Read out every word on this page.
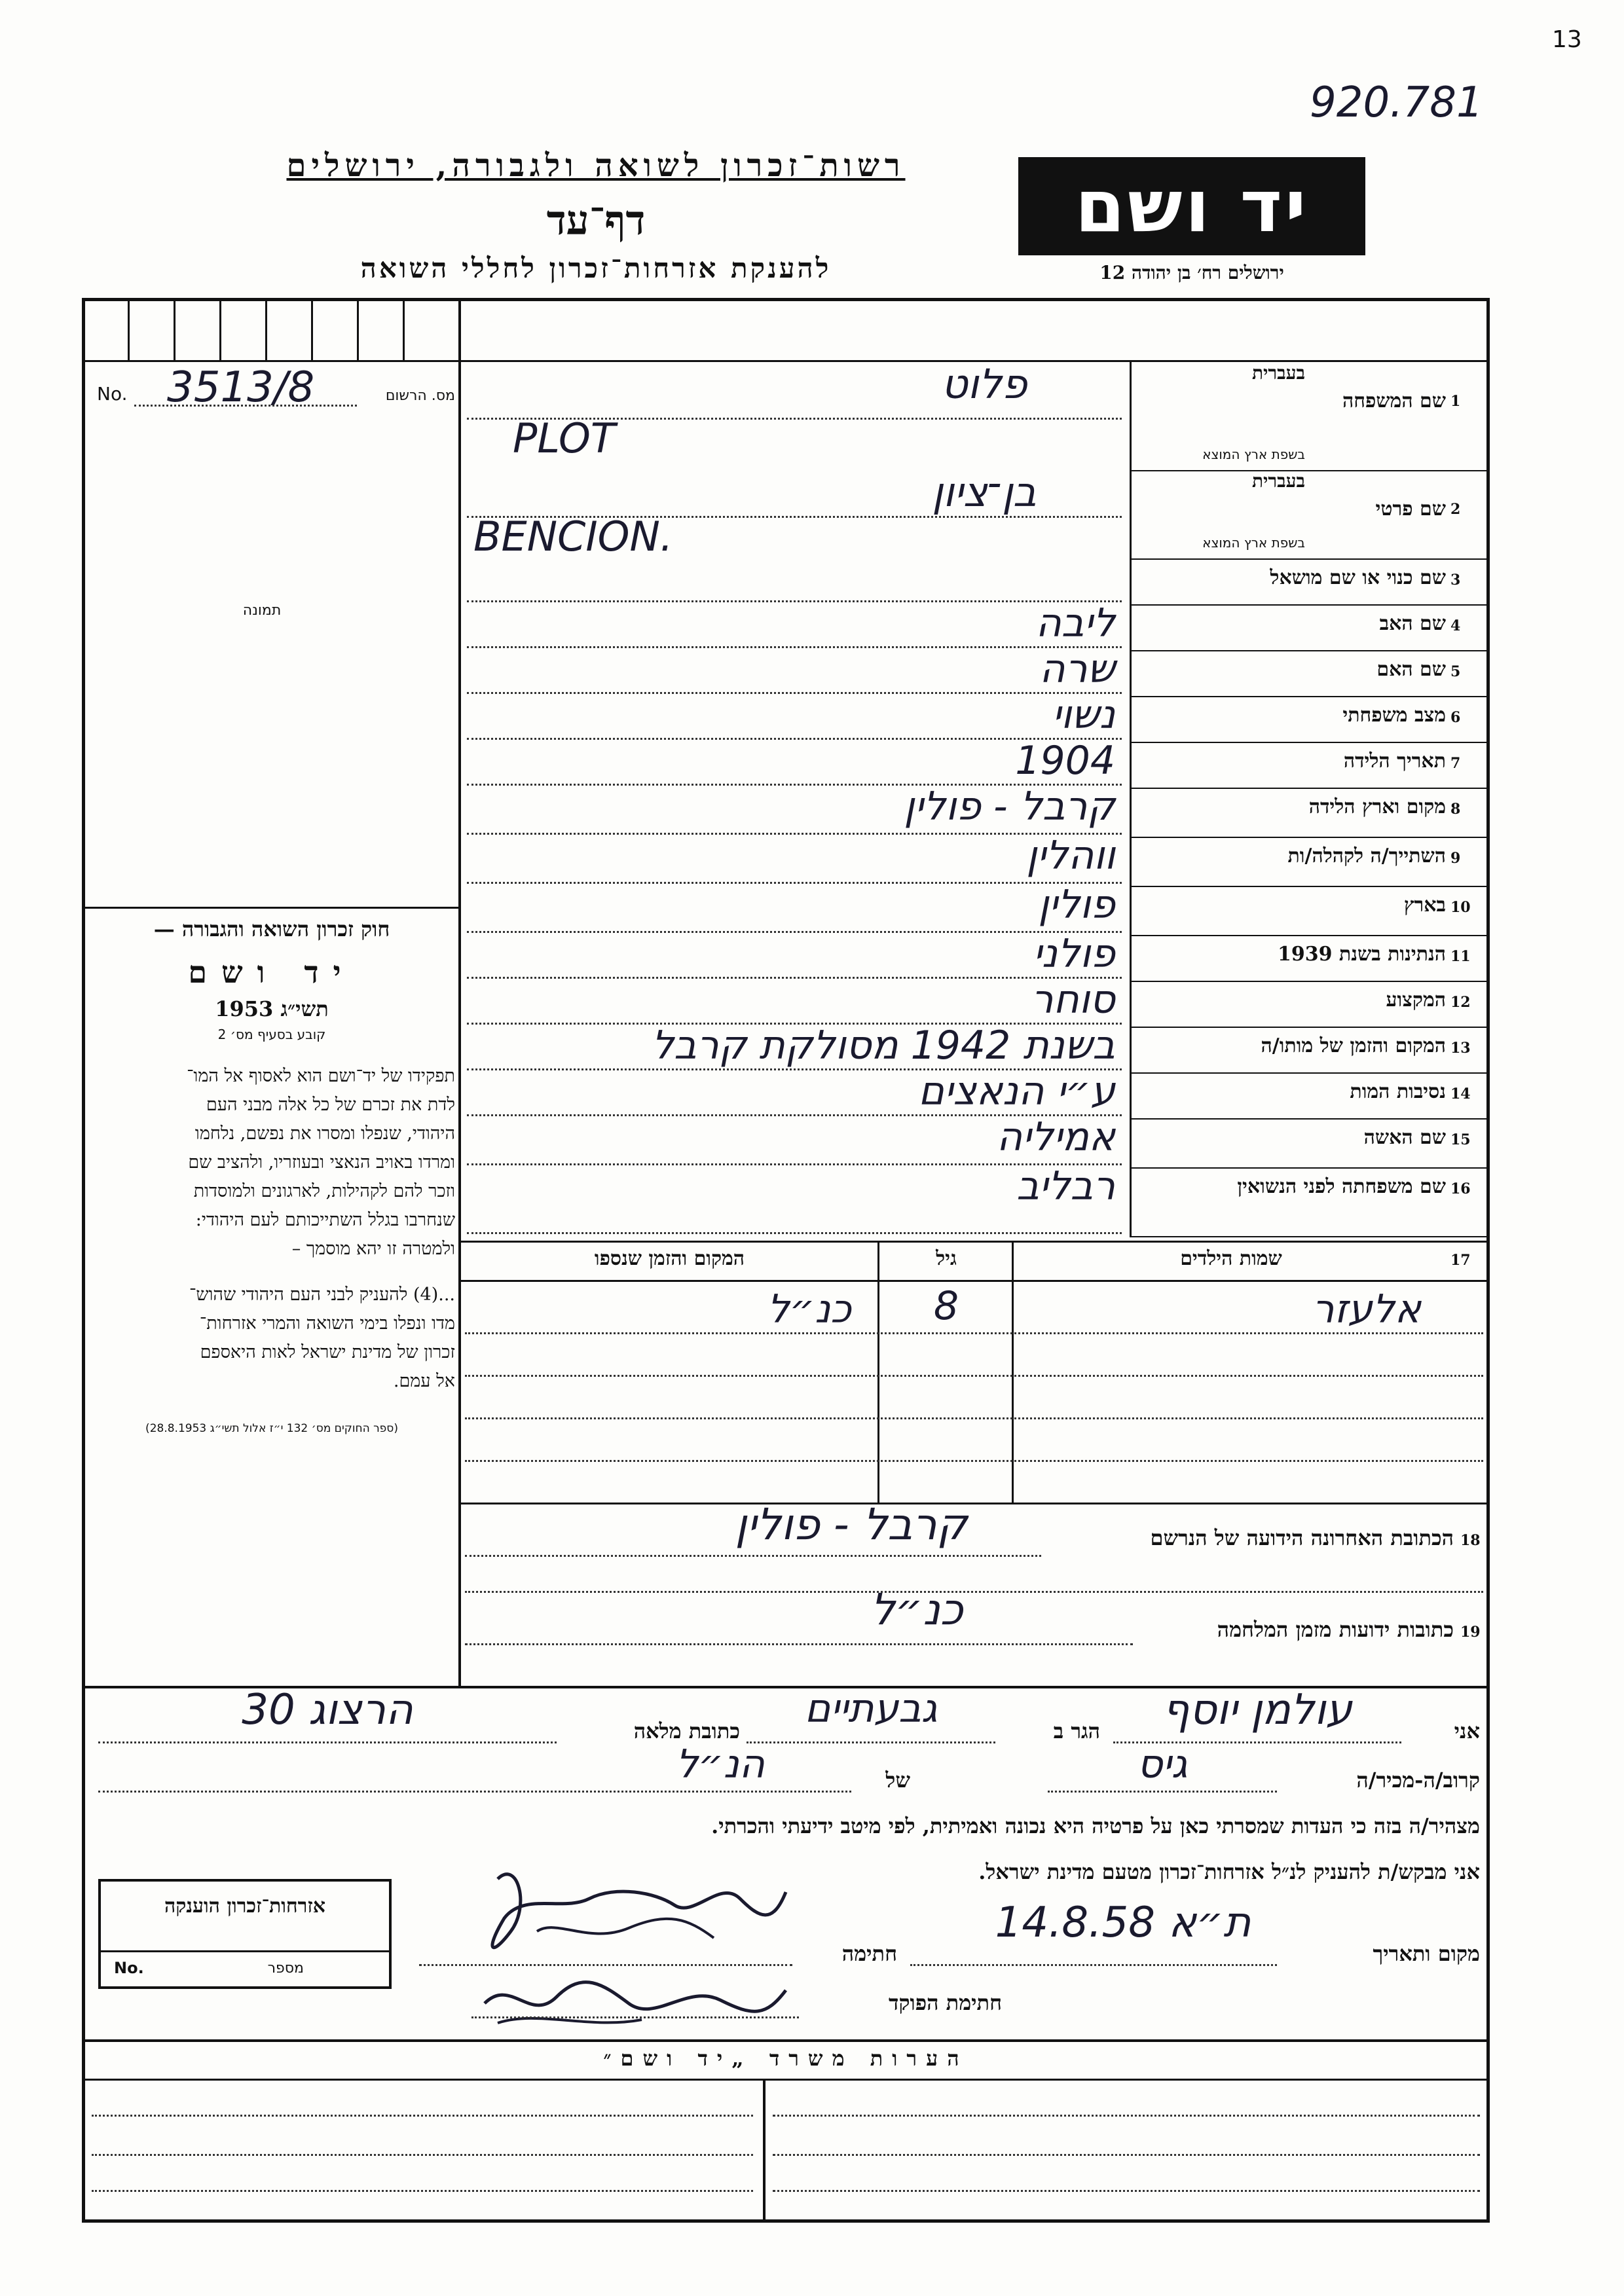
13
920.781
רשות־זכרון לשואה ולגבורה, ירושלים
דף־עד
להענקת אזרחות־זכרון לחללי השואה
יד ושם
ירושלים רח׳ בן יהודה 12
No. 3513/8	מס. הרשום
תמונה
חוק זכרון השואה והגבורה —
יד ושם
תשי״ג 1953
קובע בסעיף מס׳ 2

תפקידו של יד־ושם הוא לאסוף אל המו־

לדת את זכרם של כל אלה מבני העם

היהודי, שנפלו ומסרו את נפשם, נלחמו

ומרדו באויב הנאצי ובעוזריו, ולהציב שם

וזכר להם לקהילות, לארגונים ולמוסדות

שנחרבו בגלל השתייכותם לעם היהודי:

ולמטרה זו יהא מוסמך –

...(4) להעניק לבני העם היהודי שהוש־

מדו ונפלו בימי השואה והמרי אזרחות־

זכרון של מדינת ישראל לאות היאספם

אל עמם.

(ספר החוקים מס׳ 132 י״ז אלול תשי״ג 28.8.1953)
1
שם המשפחה
בעברית
בשפת ארץ המוצא
פלוט
PLOT
2
שם פרטי
בעברית
בשפת ארץ המוצא
בן־ציון
BENCION.
3
שם כנוי או שם מושאל
4
שם האב
ליבה
5
שם האם
שרה
6
מצב משפחתי
נשוי
7
תאריך הלידה
1904
8
מקום וארץ הלידה
קרבל - פולין
9
השתייך/ה לקהלה/ות
ווהלין
10
בארץ
פולין
11
הנתינות בשנת 1939
פולני
12
המקצוע
סוחר
13
המקום והזמן של מותו/ה
בשנת 1942 מסולקת קרבל
14
נסיבות המות
ע״י הנאצים
15
שם האשה
אמיליה
16
שם משפחתה לפני הנשואין
רבליב
17
שמות הילדים
גיל
המקום והזמן שנספו
אלעזר
8
כנ״ל
18
הכתובת האחרונה הידועה של הנרשם
קרבל - פולין
19
כתובות ידועות מזמן המלחמה
כנ״ל
אני
עולמן יוסף
הגר ב
גבעתיים
כתובת מלאה
הרצוג 30
קרוב/ה-מכיר/ה
גיס
של
הנ״ל
מצהיר/ה בזה כי העדות שמסרתי כאן על פרטיה היא נכונה ואמיתית, לפי מיטב ידיעתי והכרתי.
אני מבקש/ת להעניק לנ״ל אזרחות־זכרון מטעם מדינת ישראל.
מקום ותאריך
ת״א 14.8.58
חתימה
חתימת הפוקד
אזרחות־זכרון הוענקה
No.	מספר
הערות משרד „יד ושם״
